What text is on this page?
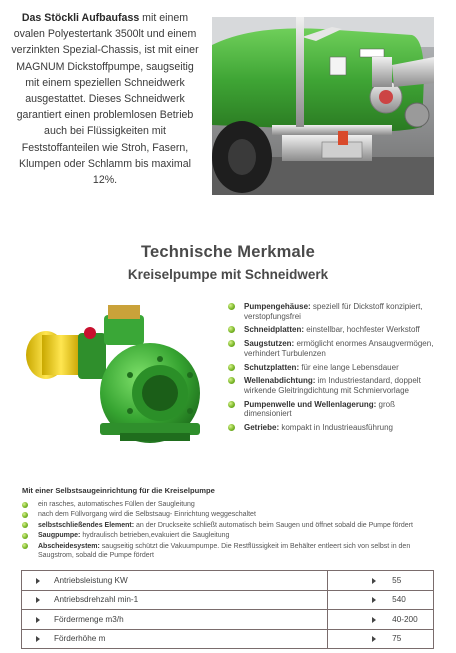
Das Stöckli Aufbaufass mit einem ovalen Polyestertank 3500lt und einem verzinkten Spezial-Chassis, ist mit einer MAGNUM Dickstoffpumpe, saugseitig mit einem speziellen Schneidwerk ausgestattet. Dieses Schneidwerk garantiert einen problemlosen Betrieb auch bei Flüssigkeiten mit Feststoffanteilen wie Stroh, Fasern, Klumpen oder Schlamm bis maximal 12%.
Technische Merkmale
Kreiselpumpe mit Schneidwerk
Pumpengehäuse: speziell für Dickstoff konzipiert, verstopfungsfrei
Schneidplatten: einstellbar, hochfester Werkstoff
Saugstutzen: ermöglicht enormes Ansaugvermögen, verhindert Turbulenzen
Schutzplatten: für eine lange Lebensdauer
Wellenabdichtung: im Industriestandard, doppelt wirkende Gleitringdichtung mit Schmiervorlage
Pumpenwelle und Wellenlagerung: groß dimensioniert
Getriebe: kompakt in Industrieausführung
Mit einer Selbstsaugeinrichtung für die Kreiselpumpe
ein rasches, automatisches Füllen der Saugleitung
nach dem Füllvorgang wird die Selbstsaug- Einrichtung weggeschaltet
selbstschließendes Element: an der Druckseite schließt automatisch beim Saugen und öffnet sobald die Pumpe fördert
Saugpumpe: hydraulisch betrieben,evakuiert die Saugleitung
Abscheidesystem: saugseitig schützt die Vakuumpumpe. Die Restflüssigkeit im Behälter entleert sich von selbst in den Saugstrom, sobald die Pumpe fördert
Antriebsleistung KW	55
Antriebsdrehzahl min-1	540
Fördermenge m3/h	40-200
Förderhöhe m	75
